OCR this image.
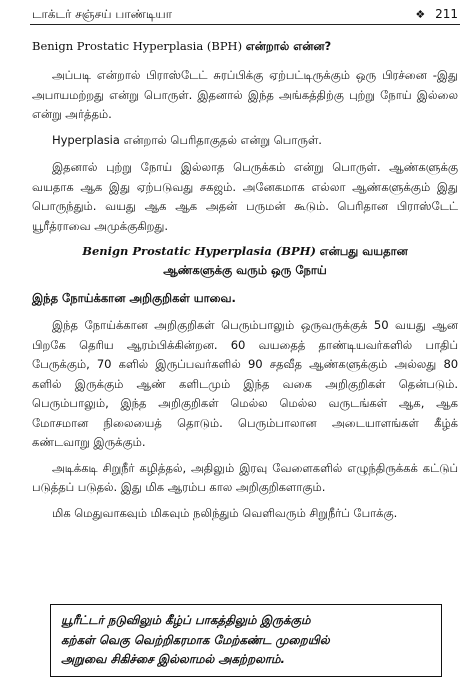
டாக்டர் சஞ்சய் பாண்டியா	❖ 211

Benign Prostatic Hyperplasia (BPH) என்றால் என்ன?

அப்படி என்றால் பிராஸ்டேட் சுரப்பிக்கு ஏற்பட்டிருக்கும் ஒரு பிரச்னை -இது அபாயமற்றது என்று பொருள். இதனால் இந்த அங்கத்திற்கு புற்று நோய் இல்லை என்று அர்த்தம்.

Hyperplasia என்றால் பெரிதாகுதல் என்று பொருள்.

இதனால் புற்று நோய் இல்லாத பெருக்கம் என்று பொருள். ஆண்களுக்கு வயதாக ஆக இது ஏற்படுவது சகஜம். அனேகமாக எல்லா ஆண்களுக்கும் இது பொருந்தும். வயது ஆக ஆக அதன் பருமன் கூடும். பெரிதான பிராஸ்டேட் யூரீத்ராவை அமுக்குகிறது.

Benign Prostatic Hyperplasia (BPH) என்பது வயதான
ஆண்களுக்கு வரும் ஒரு நோய்

இந்த நோய்க்கான அறிகுறிகள் யாவை.

இந்த நோய்க்கான அறிகுறிகள் பெரும்பாலும் ஒருவருக்குக் 50 வயது ஆன பிறகே தெரிய ஆரம்பிக்கின்றன. 60 வயதைத் தாண்டியவர்களில் பாதிப் பேருக்கும், 70 களில் இருப்பவர்களில் 90 சதவீத ஆண்களுக்கும் அல்லது 80 களில் இருக்கும் ஆண் களிடமும் இந்த வகை அறிகுறிகள் தென்படும். பெரும்பாலும், இந்த அறிகுறிகள் மெல்ல மெல்ல வருடங்கள் ஆக, ஆக மோசமான நிலையைத் தொடும். பெரும்பாலான அடையாளங்கள் கீழ்க் கண்டவாறு இருக்கும்.

அடிக்கடி சிறுநீர் கழித்தல், அதிலும் இரவு வேளைகளில் எழுந்திருக்கக் கட்டுப் படுத்தப் படுதல். இது மிக ஆரம்ப கால அறிகுறிகளாகும்.

மிக மெதுவாகவும் மிகவும் நலிந்தும் வெளிவரும் சிறுநீர்ப் போக்கு.

யூரீட்டர் நடுவிலும் கீழ்ப் பாகத்திலும் இருக்கும்
கற்கள் வெகு வெற்றிகரமாக மேற்கண்ட முறையில்
அறுவை சிகிச்சை இல்லாமல் அகற்றலாம்.
